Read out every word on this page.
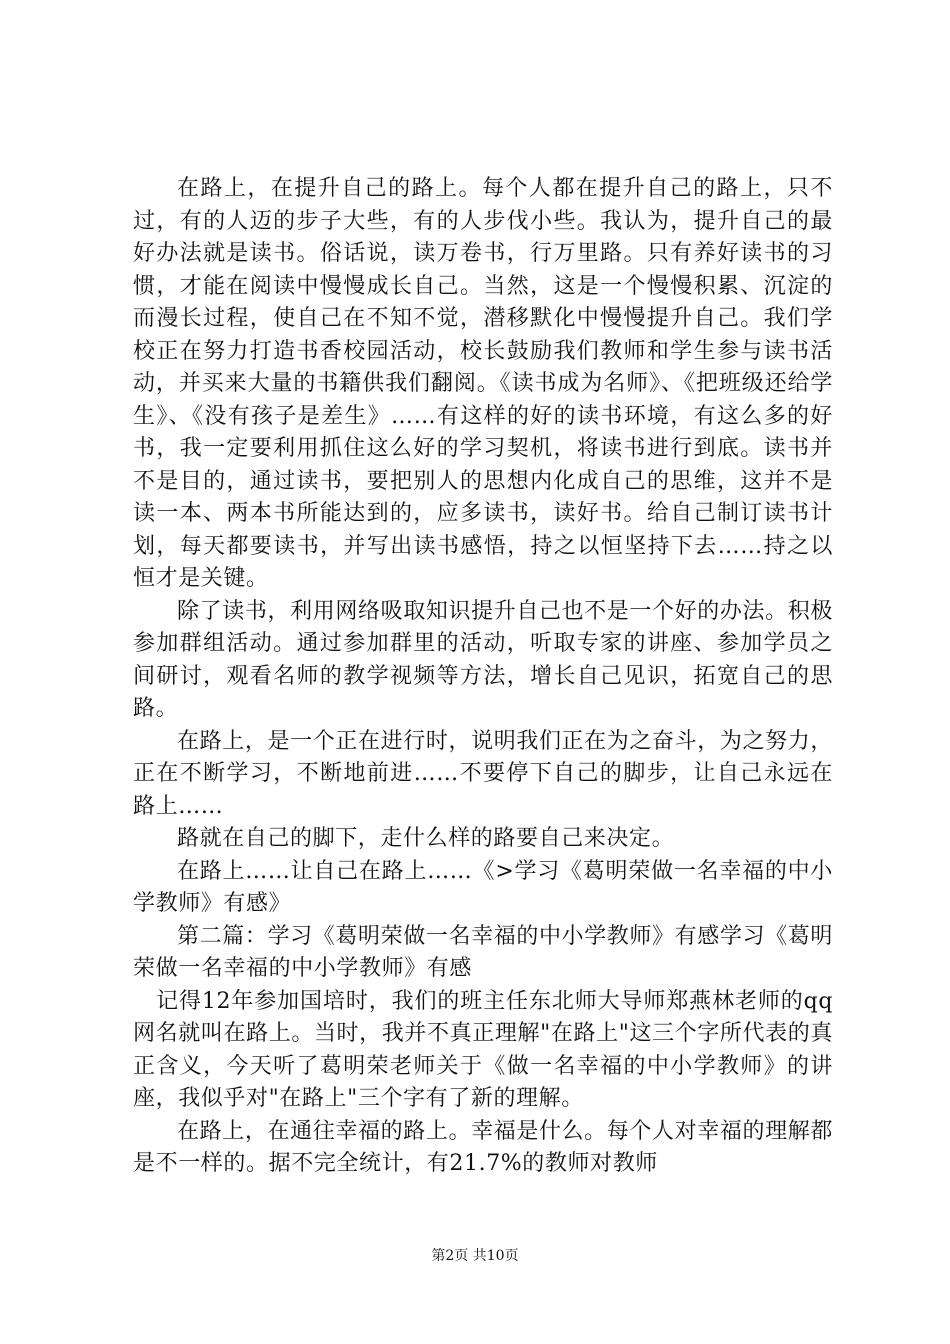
在路上，在提升自己的路上。每个人都在提升自己的路上，只不过，有的人迈的步子大些，有的人步伐小些。我认为，提升自己的最好办法就是读书。俗话说，读万卷书，行万里路。只有养好读书的习惯，才能在阅读中慢慢成长自己。当然，这是一个慢慢积累、沉淀的而漫长过程，使自己在不知不觉，潜移默化中慢慢提升自己。我们学校正在努力打造书香校园活动，校长鼓励我们教师和学生参与读书活动，并买来大量的书籍供我们翻阅。《读书成为名师》、《把班级还给学生》、《没有孩子是差生》……有这样的好的读书环境，有这么多的好书，我一定要利用抓住这么好的学习契机，将读书进行到底。读书并不是目的，通过读书，要把别人的思想内化成自己的思维，这并不是读一本、两本书所能达到的，应多读书，读好书。给自己制订读书计划，每天都要读书，并写出读书感悟，持之以恒坚持下去……持之以恒才是关键。

除了读书，利用网络吸取知识提升自己也不是一个好的办法。积极参加群组活动。通过参加群里的活动，听取专家的讲座、参加学员之间研讨，观看名师的教学视频等方法，增长自己见识，拓宽自己的思路。

在路上，是一个正在进行时，说明我们正在为之奋斗，为之努力，正在不断学习，不断地前进……不要停下自己的脚步，让自己永远在路上……

路就在自己的脚下，走什么样的路要自己来决定。

在路上……让自己在路上……《>学习《葛明荣做一名幸福的中小学教师》有感》

第二篇：学习《葛明荣做一名幸福的中小学教师》有感学习《葛明荣做一名幸福的中小学教师》有感

记得12年参加国培时，我们的班主任东北师大导师郑燕林老师的qq网名就叫在路上。当时，我并不真正理解"在路上"这三个字所代表的真正含义，今天听了葛明荣老师关于《做一名幸福的中小学教师》的讲座，我似乎对"在路上"三个字有了新的理解。

在路上，在通往幸福的路上。幸福是什么。每个人对幸福的理解都是不一样的。据不完全统计，有21.7%的教师对教师

第2页 共10页
